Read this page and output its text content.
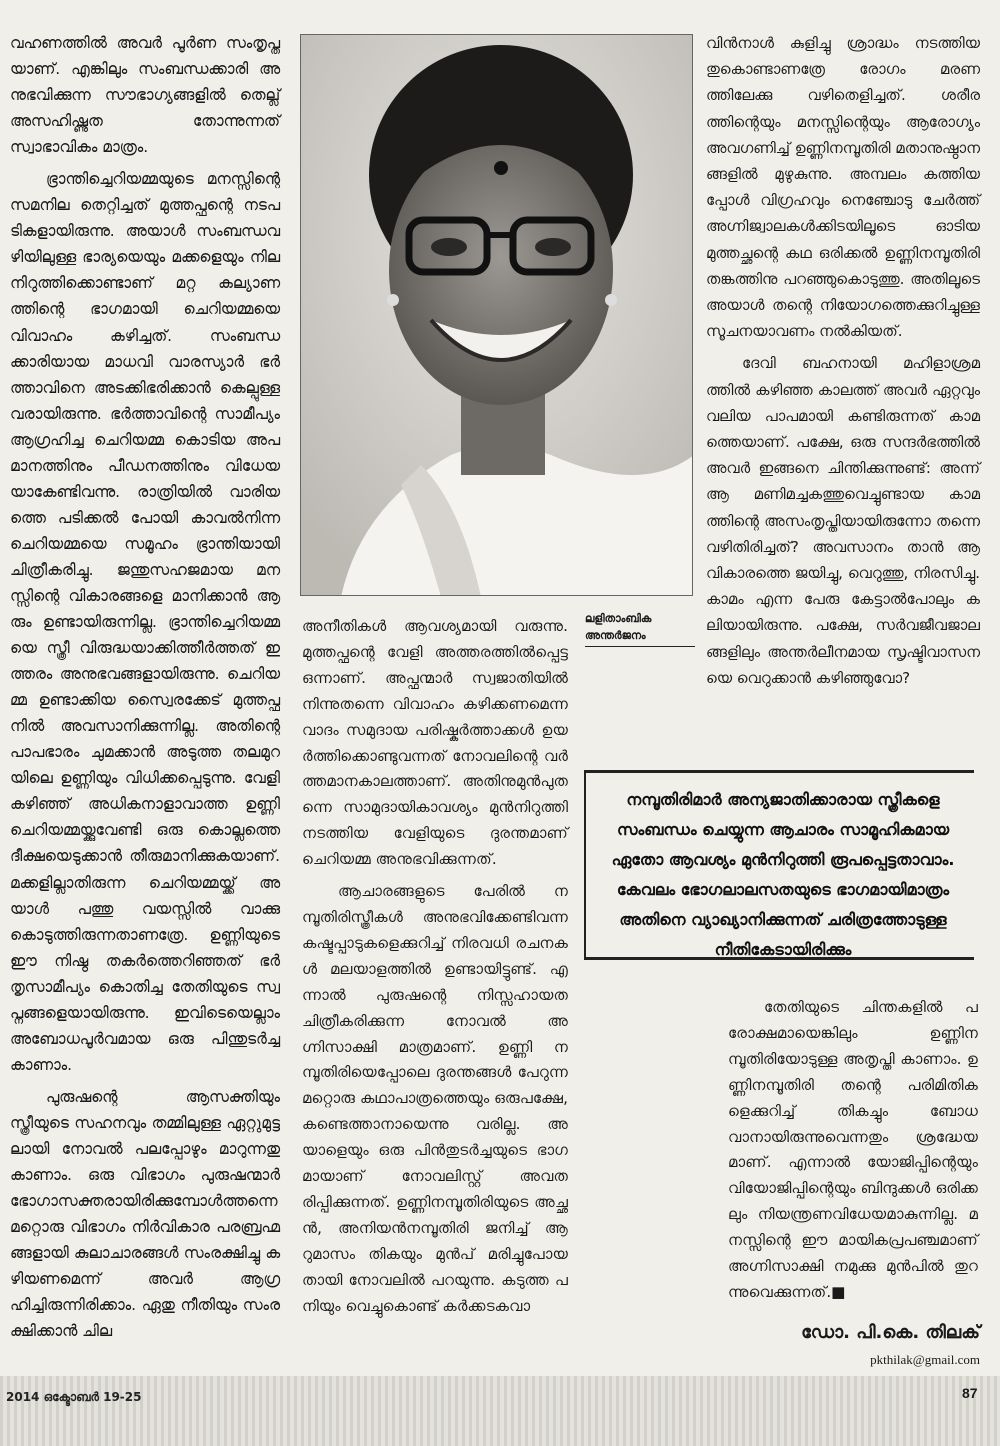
വഹണത്തിൽ അവർ പൂർണ സംതൃപ്തയാണ്. എങ്കിലും സംബന്ധക്കാരി അനുഭവിക്കുന്ന സൗഭാഗ്യങ്ങളിൽ തെല്ല് അസഹിഷ്ണുത തോന്നുന്നത് സ്വാഭാവികം മാത്രം.

ഭ്രാന്തിച്ചെറിയമ്മയുടെ മനസ്സിന്റെ സമനില തെറ്റിച്ചത് മുത്തപ്ഫന്റെ നടപടികളായിരുന്നു. അയാൾ സംബന്ധവഴിയിലുള്ള ഭാര്യയെയും മക്കളെയും നിലനിറുത്തിക്കൊണ്ടാണ് മറ്റ കല്യാണത്തിന്റെ ഭാഗമായി ചെറിയമ്മയെ വിവാഹം കഴിച്ചത്. സംബന്ധക്കാരിയായ മാധവി വാരസ്യാർ ഭർത്താവിനെ അടക്കിഭരിക്കാൻ കെല്പുള്ളവരായിരുന്നു. ഭർത്താവിന്റെ സാമീപ്യം ആഗ്രഹിച്ച ചെറിയമ്മ കൊടിയ അപമാനത്തിനും പീഡനത്തിനും വിധേയയാകേണ്ടിവന്നു. രാത്രിയിൽ വാരിയത്തെ പടിക്കൽ പോയി കാവൽനിന്ന ചെറിയമ്മയെ സമൂഹം ഭ്രാന്തിയായി ചിത്രീകരിച്ചു. ജന്തുസഹജമായ മനസ്സിന്റെ വികാരങ്ങളെ മാനിക്കാൻ ആരും ഉണ്ടായിരുന്നില്ല. ഭ്രാന്തിച്ചെറിയമ്മയെ സ്ത്രീ വിരുദ്ധയാക്കിത്തീർത്തത് ഇത്തരം അനുഭവങ്ങളായിരുന്നു. ചെറിയമ്മ ഉണ്ടാക്കിയ സ്വൈരക്കേട് മുത്തപ്ഫനിൽ അവസാനിക്കുന്നില്ല. അതിന്റെ പാപഭാരം ചുമക്കാൻ അടുത്ത തലമുറയിലെ ഉണ്ണിയും വിധിക്കപ്പെടുന്നു. വേളി കഴിഞ്ഞ് അധികനാളാവാത്ത ഉണ്ണി ചെറിയമ്മയ്ക്കുവേണ്ടി ഒരു കൊല്ലത്തെ ദീക്ഷയെടുക്കാൻ തീരുമാനിക്കുകയാണ്. മക്കളില്ലാതിരുന്ന ചെറിയമ്മയ്ക്ക് അയാൾ പത്തു വയസ്സിൽ വാക്കു കൊടുത്തിരുന്നതാണത്രേ. ഉണ്ണിയുടെ ഈ നിഷ്ഠ തകർത്തെറിഞ്ഞത് ഭർതൃസാമീപ്യം കൊതിച്ച തേതിയുടെ സ്വപ്നങ്ങളെയായിരുന്നു. ഇവിടെയെല്ലാം അബോധപൂർവമായ ഒരു പിന്തുടർച്ച കാണാം.

പുരുഷന്റെ ആസക്തിയും സ്ത്രീയുടെ സഹനവും തമ്മിലുള്ള ഏറ്റുമുട്ടലായി നോവൽ പലപ്പോഴും മാറുന്നതു കാണാം. ഒരു വിഭാഗം പുരുഷന്മാർ ഭോഗാസക്തരായിരിക്കുമ്പോൾത്തന്നെ മറ്റൊരു വിഭാഗം നിർവികാര പരബ്രഹ്മങ്ങളായി കുലാചാരങ്ങൾ സംരക്ഷിച്ചു കഴിയണമെന്ന് അവർ ആഗ്രഹിച്ചിരുന്നിരിക്കാം. ഏതു നീതിയും സംരക്ഷിക്കാൻ ചില

ലളിതാംബിക
അന്തർജനം

അനീതികൾ ആവശ്യമായി വരുന്നു. മുത്തപ്ഫന്റെ വേളി അത്തരത്തിൽപ്പെട്ട ഒന്നാണ്. അപ്ഫന്മാർ സ്വജാതിയിൽനിന്നുതന്നെ വിവാഹം കഴിക്കണമെന്ന വാദം സമുദായ പരിഷ്കർത്താക്കൾ ഉയർത്തിക്കൊണ്ടുവന്നത് നോവലിന്റെ വർത്തമാനകാലത്താണ്. അതിനുമുൻപുതന്നെ സാമുദായികാവശ്യം മുൻനിറുത്തി നടത്തിയ വേളിയുടെ ദുരന്തമാണ് ചെറിയമ്മ അനുഭവിക്കുന്നത്.

ആചാരങ്ങളുടെ പേരിൽ നമ്പൂതിരിസ്ത്രീകൾ അനുഭവിക്കേണ്ടിവന്ന കഷ്ടപ്പാടുകളെക്കുറിച്ച് നിരവധി രചനകൾ മലയാളത്തിൽ ഉണ്ടായിട്ടുണ്ട്. എന്നാൽ പുരുഷന്റെ നിസ്സഹായത ചിത്രീകരിക്കുന്ന നോവൽ അഗ്നിസാക്ഷി മാത്രമാണ്. ഉണ്ണി നമ്പൂതിരിയെപ്പോലെ ദുരന്തങ്ങൾ പേറുന്ന മറ്റൊരു കഥാപാത്രത്തെയും ഒരുപക്ഷേ, കണ്ടെത്താനായെന്നു വരില്ല. അയാളെയും ഒരു പിൻതുടർച്ചയുടെ ഭാഗമായാണ് നോവലിസ്റ്റ് അവതരിപ്പിക്കുന്നത്. ഉണ്ണിനമ്പൂതിരിയുടെ അച്ഛൻ, അനിയൻനമ്പൂതിരി ജനിച്ച് ആറുമാസം തികയും മുൻപ് മരിച്ചുപോയതായി നോവലിൽ പറയുന്നു. കടുത്ത പനിയും വെച്ചുകൊണ്ട് കർക്കടകവാ

വിൻനാൾ കുളിച്ചു ശ്രാദ്ധം നടത്തിയതുകൊണ്ടാണത്രേ രോഗം മരണത്തിലേക്കു വഴിതെളിച്ചത്. ശരീരത്തിന്റെയും മനസ്സിന്റെയും ആരോഗ്യം അവഗണിച്ച് ഉണ്ണിനമ്പൂതിരി മതാനുഷ്ഠാനങ്ങളിൽ മുഴുകുന്നു. അമ്പലം കത്തിയപ്പോൾ വിഗ്രഹവും നെഞ്ചോടു ചേർത്ത് അഗ്നിജ്വാലകൾക്കിടയിലൂടെ ഓടിയ മുത്തച്ഛന്റെ കഥ ഒരിക്കൽ ഉണ്ണിനമ്പൂതിരി തങ്കത്തിനു പറഞ്ഞുകൊടുത്തു. അതിലൂടെ അയാൾ തന്റെ നിയോഗത്തെക്കുറിച്ചുള്ള സൂചനയാവണം നൽകിയത്.

ദേവി ബഹനായി മഹിളാശ്രമത്തിൽ കഴിഞ്ഞ കാലത്ത് അവർ ഏറ്റവും വലിയ പാപമായി കണ്ടിരുന്നത് കാമത്തെയാണ്. പക്ഷേ, ഒരു സന്ദർഭത്തിൽ അവർ ഇങ്ങനെ ചിന്തിക്കുന്നുണ്ട്: അന്ന് ആ മണിമച്ചകത്തുവെച്ചുണ്ടായ കാമത്തിന്റെ അസംതൃപ്തിയായിരുന്നോ തന്നെ വഴിതിരിച്ചത്? അവസാനം താൻ ആ വികാരത്തെ ജയിച്ചു, വെറുത്തു, നിരസിച്ചു. കാമം എന്ന പേരു കേട്ടാൽപോലും കലിയായിരുന്നു. പക്ഷേ, സർവജീവജാലങ്ങളിലും അന്തർലീനമായ സൃഷ്ടിവാസനയെ വെറുക്കാൻ കഴിഞ്ഞുവോ?

നമ്പൂതിരിമാർ അന്യജാതിക്കാരായ സ്ത്രീകളെ സംബന്ധം ചെയ്യുന്ന ആചാരം സാമൂഹികമായ ഏതോ ആവശ്യം മുൻനിറുത്തി രൂപപ്പെട്ടതാവാം. കേവലം ഭോഗലാലസതയുടെ ഭാഗമായിമാത്രം അതിനെ വ്യാഖ്യാനിക്കുന്നത് ചരിത്രത്തോടുള്ള നീതികേടായിരിക്കും

തേതിയുടെ ചിന്തകളിൽ പരോക്ഷമായെങ്കിലും ഉണ്ണിനമ്പൂതിരിയോടുള്ള അതൃപ്തി കാണാം. ഉണ്ണിനമ്പൂതിരി തന്റെ പരിമിതികളെക്കുറിച്ച് തികച്ചും ബോധവാനായിരുന്നുവെന്നതും ശ്രദ്ധേയമാണ്. എന്നാൽ യോജിപ്പിന്റെയും വിയോജിപ്പിന്റെയും ബിന്ദുക്കൾ ഒരിക്കലും നിയന്ത്രണവിധേയമാകുന്നില്ല. മനസ്സിന്റെ ഈ മായികപ്രപഞ്ചമാണ് അഗ്നിസാക്ഷി നമുക്കു മുൻപിൽ തുറന്നുവെക്കുന്നത്.■

ഡോ. പി.കെ. തിലക്
pkthilak@gmail.com
2014 ഒക്ടോബർ 19-25	87
